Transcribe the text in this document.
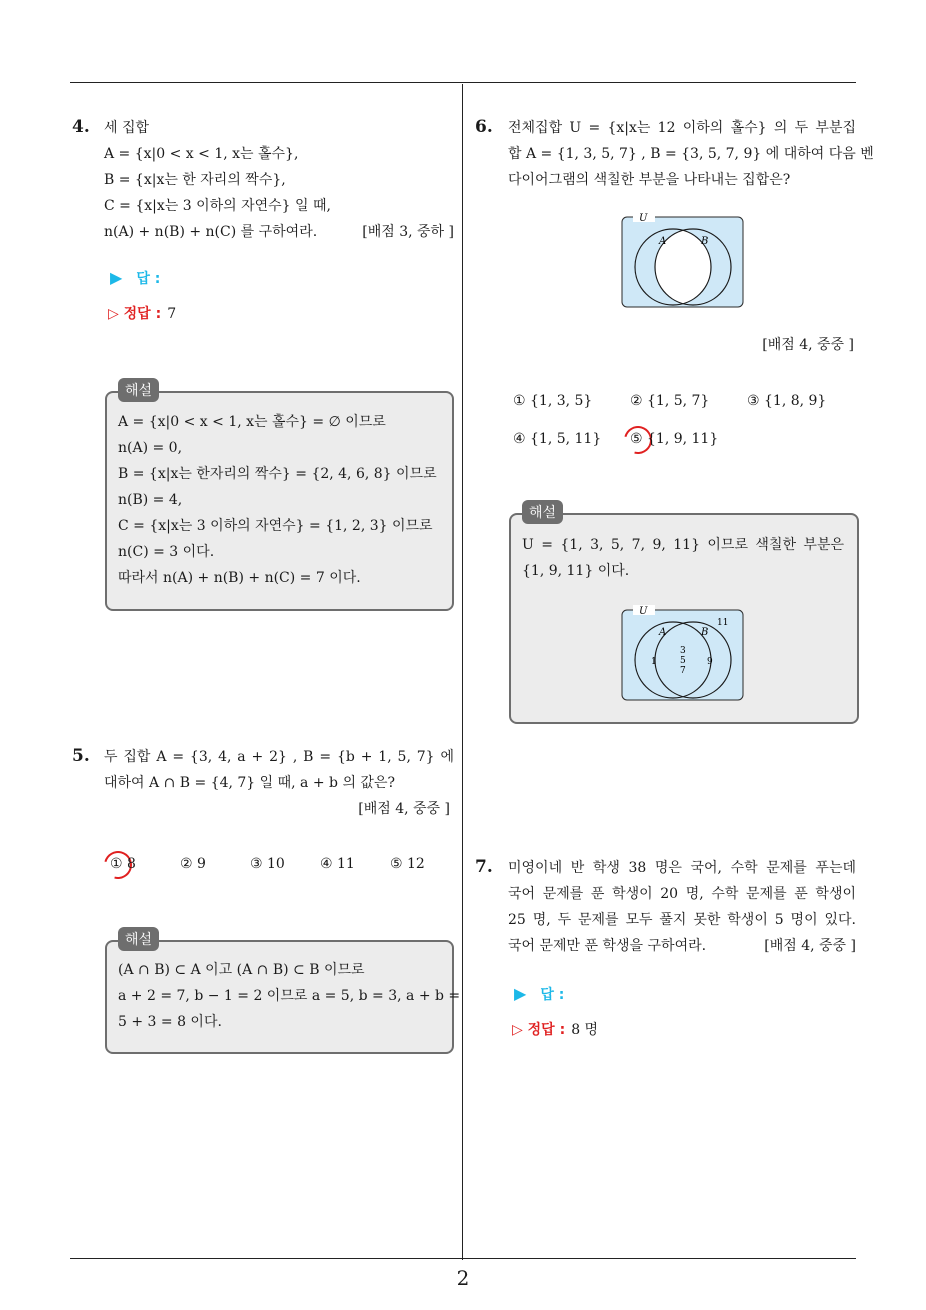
2
4. 세 집합
A = {x|0 < x < 1, x는 홀수},
B = {x|x는 한 자리의 짝수},
C = {x|x는 3 이하의 자연수} 일 때,
n(A) + n(B) + n(C) 를 구하여라.	[배점 3, 중하 ]
▶ 답 :
▷ 정답 : 7
해설
A = {x|0 < x < 1, x는 홀수} = ∅ 이므로
n(A) = 0,
B = {x|x는 한자리의 짝수} = {2, 4, 6, 8} 이므로
n(B) = 4,
C = {x|x는 3 이하의 자연수} = {1, 2, 3} 이므로
n(C) = 3 이다.
따라서 n(A) + n(B) + n(C) = 7 이다.
5. 두 집합 A = {3, 4, a + 2} , B = {b + 1, 5, 7} 에
대하여 A ∩ B = {4, 7} 일 때, a + b 의 값은?
[배점 4, 중중 ]
① 8	② 9	③ 10	④ 11	⑤ 12
해설
(A ∩ B) ⊂ A 이고 (A ∩ B) ⊂ B 이므로
a + 2 = 7, b − 1 = 2 이므로 a = 5, b = 3, a + b =
5 + 3 = 8 이다.
6. 전체집합 U = {x|x는 12 이하의 홀수} 의 두 부분집
합 A = {1, 3, 5, 7} , B = {3, 5, 7, 9} 에 대하여 다음 벤
다이어그램의 색칠한 부분을 나타내는 집합은?
U
A	B
[배점 4, 중중 ]
① {1, 3, 5}	② {1, 5, 7}	③ {1, 8, 9}
④ {1, 5, 11} ⑤ {1, 9, 11}
해설
U = {1, 3, 5, 7, 9, 11} 이므로 색칠한 부분은
{1, 9, 11} 이다.
U
11
A	B
1
3
5
7
9
7. 미영이네 반 학생 38 명은 국어, 수학 문제를 푸는데
국어 문제를 푼 학생이 20 명, 수학 문제를 푼 학생이
25 명, 두 문제를 모두 풀지 못한 학생이 5 명이 있다.
국어 문제만 푼 학생을 구하여라.	[배점 4, 중중 ]
▶ 답 :
▷ 정답 : 8 명
